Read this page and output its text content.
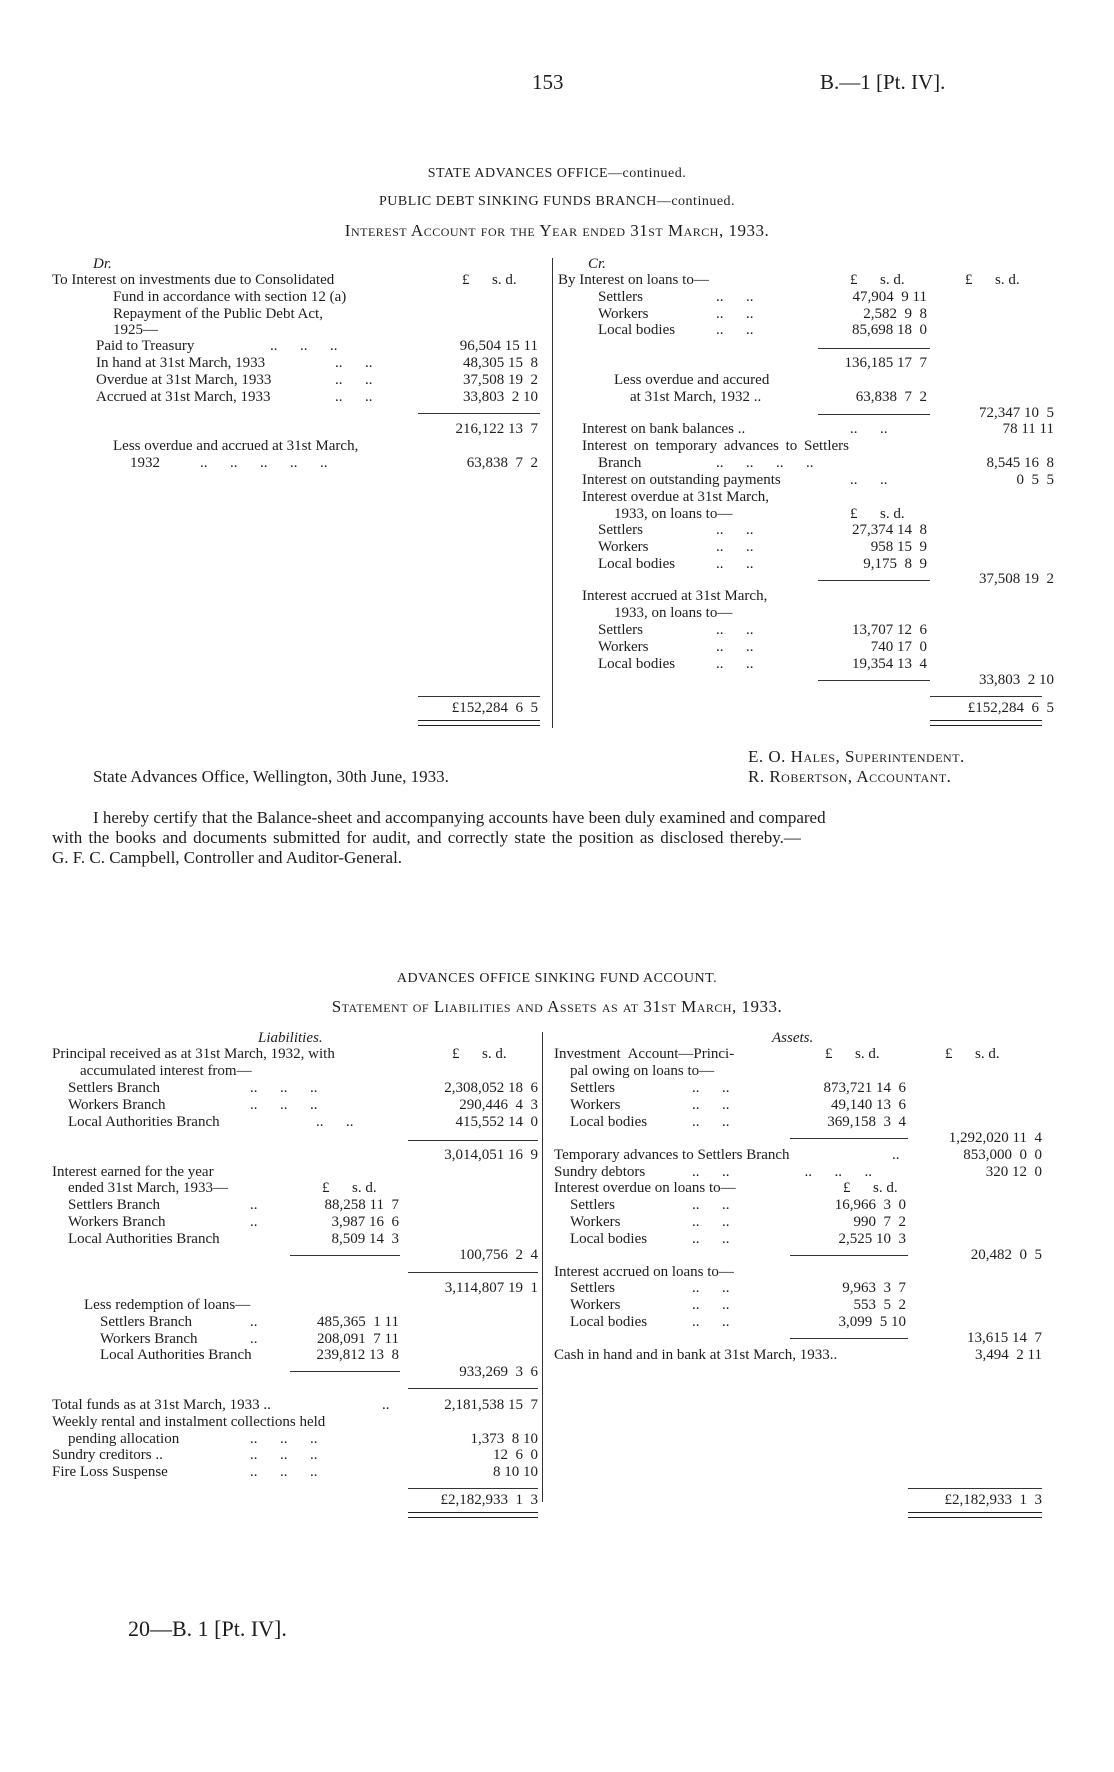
153	B.—1 [Pt. IV].
STATE ADVANCES OFFICE—continued.
PUBLIC DEBT SINKING FUNDS BRANCH—continued.
Interest Account for the Year ended 31st March, 1933.
Dr.
To Interest on investments due to Consolidated
Fund in accordance with section 12 (a)
Repayment of the Public Debt Act,
1925—
£      s. d.
Paid to Treasury	..      ..      ..	96,504 15 11
In hand at 31st March, 1933	..      ..	48,305 15  8
Overdue at 31st March, 1933	..      ..	37,508 19  2
Accrued at 31st March, 1933	..      ..	33,803  2 10
216,122 13  7
Less overdue and accrued at 31st March,
1932	..      ..      ..      ..      ..	63,838  7  2
£152,284  6  5
Cr.
By Interest on loans to—	£      s. d.	£      s. d.
Settlers	..      ..	47,904  9 11
Workers	..      ..	2,582  9  8
Local bodies	..      ..	85,698 18  0
136,185 17  7
Less overdue and accured
at 31st March, 1932 ..	63,838  7  2
72,347 10  5
Interest on bank balances ..	..      ..	78 11 11
Interest on temporary advances to Settlers
Branch	..      ..      ..      ..	8,545 16  8
Interest on outstanding payments	..      ..	0  5  5
Interest overdue at 31st March,
1933, on loans to—	£      s. d.
Settlers	..      ..	27,374 14  8
Workers	..      ..	958 15  9
Local bodies	..      ..	9,175  8  9
37,508 19  2
Interest accrued at 31st March,
1933, on loans to—
Settlers	..      ..	13,707 12  6
Workers	..      ..	740 17  0
Local bodies	..      ..	19,354 13  4
33,803  2 10
£152,284  6  5
E. O. Hales, Superintendent.
State Advances Office, Wellington, 30th June, 1933.	R. Robertson, Accountant.
I hereby certify that the Balance-sheet and accompanying accounts have been duly examined and compared
with the books and documents submitted for audit, and correctly state the position as disclosed thereby.—
G. F. C. Campbell, Controller and Auditor-General.
ADVANCES OFFICE SINKING FUND ACCOUNT.
Statement of Liabilities and Assets as at 31st March, 1933.
Liabilities.
Principal received as at 31st March, 1932, with
accumulated interest from—
£      s. d.
Settlers Branch	..      ..      ..	2,308,052 18  6
Workers Branch	..      ..      ..	290,446  4  3
Local Authorities Branch	..      ..	415,552 14  0
3,014,051 16  9
Interest earned for the year
ended 31st March, 1933—	£      s. d.
Settlers Branch	..	88,258 11  7
Workers Branch	..	3,987 16  6
Local Authorities Branch	8,509 14  3
100,756  2  4
3,114,807 19  1
Less redemption of loans—
Settlers Branch	..	485,365  1 11
Workers Branch	..	208,091  7 11
Local Authorities Branch	239,812 13  8
933,269  3  6
Total funds as at 31st March, 1933 ..	..	2,181,538 15  7
Weekly rental and instalment collections held
pending allocation	..      ..      ..	1,373  8 10
Sundry creditors ..	..      ..      ..	12  6  0
Fire Loss Suspense	..      ..      ..	8 10 10
£2,182,933  1  3
Assets.
Investment Account—Princi-
pal owing on loans to—
£      s. d.	£      s. d.
Settlers	..      ..	873,721 14  6
Workers	..      ..	49,140 13  6
Local bodies	..      ..	369,158  3  4
1,292,020 11  4
Temporary advances to Settlers Branch	..	853,000  0  0
Sundry debtors	..      ..                    ..      ..      ..	320 12  0
Interest overdue on loans to—	£      s. d.
Settlers	..      ..	16,966  3  0
Workers	..      ..	990  7  2
Local bodies	..      ..	2,525 10  3
20,482  0  5
Interest accrued on loans to—
Settlers	..      ..	9,963  3  7
Workers	..      ..	553  5  2
Local bodies	..      ..	3,099  5 10
13,615 14  7
Cash in hand and in bank at 31st March, 1933..	3,494  2 11
£2,182,933  1  3
20—B. 1 [Pt. IV].
